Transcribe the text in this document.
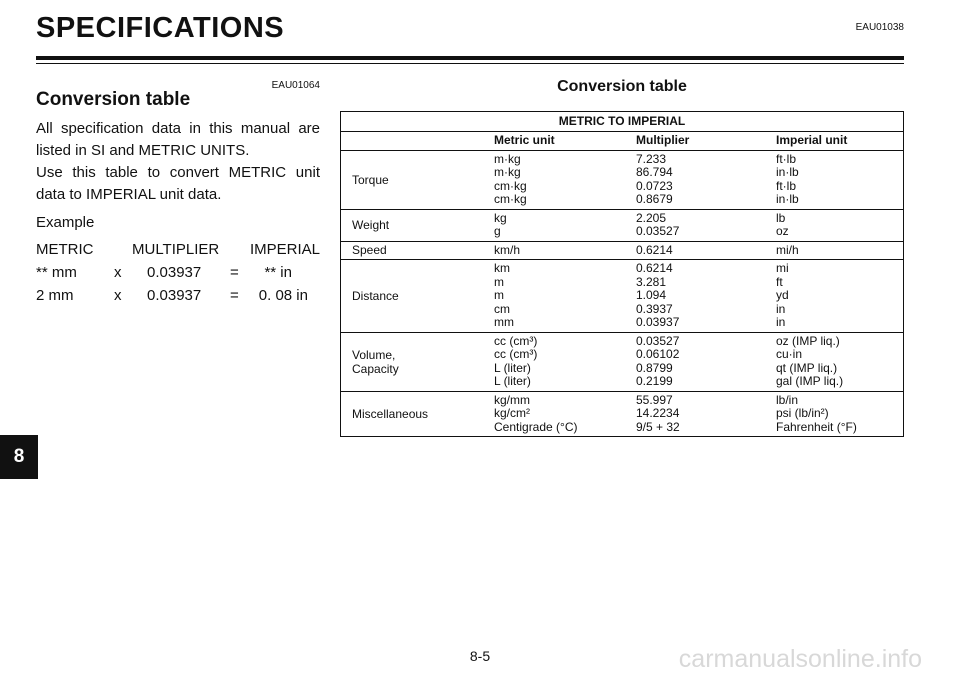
SPECIFICATIONS	EAU01038
EAU01064
Conversion table

All specification data in this manual are listed in SI and METRIC UNITS.

Use this table to convert METRIC unit data to IMPERIAL unit data.

Example
METRIC	MULTIPLIER IMPERIAL
** mm x 0.03937 = ** in
2 mm	x 0.03937 = 0. 08 in
Conversion table
METRIC TO IMPERIAL			
	Metric unit	Multiplier	Imperial unit
Torque	m·kg	7.233	ft·lb
	m·kg	86.794	in·lb
	cm·kg	0.0723	ft·lb
	cm·kg	0.8679	in·lb
Weight	kg	2.205	lb
	g	0.03527	oz
Speed	km/h	0.6214	mi/h
Distance	km	0.6214	mi
	m	3.281	ft
	m	1.094	yd
	cm	0.3937	in
	mm	0.03937	in
Volume,
Capacity	cc (cm³)	0.03527	oz (IMP liq.)
	cc (cm³)	0.06102	cu·in
	L (liter)	0.8799	qt (IMP liq.)
	L (liter)	0.2199	gal (IMP liq.)
Miscellaneous	kg/mm	55.997	lb/in
	kg/cm²	14.2234	psi (lb/in²)
	Centigrade (°C)	9/5 + 32	Fahrenheit (°F)
8
8-5	carmanualsonline.info
